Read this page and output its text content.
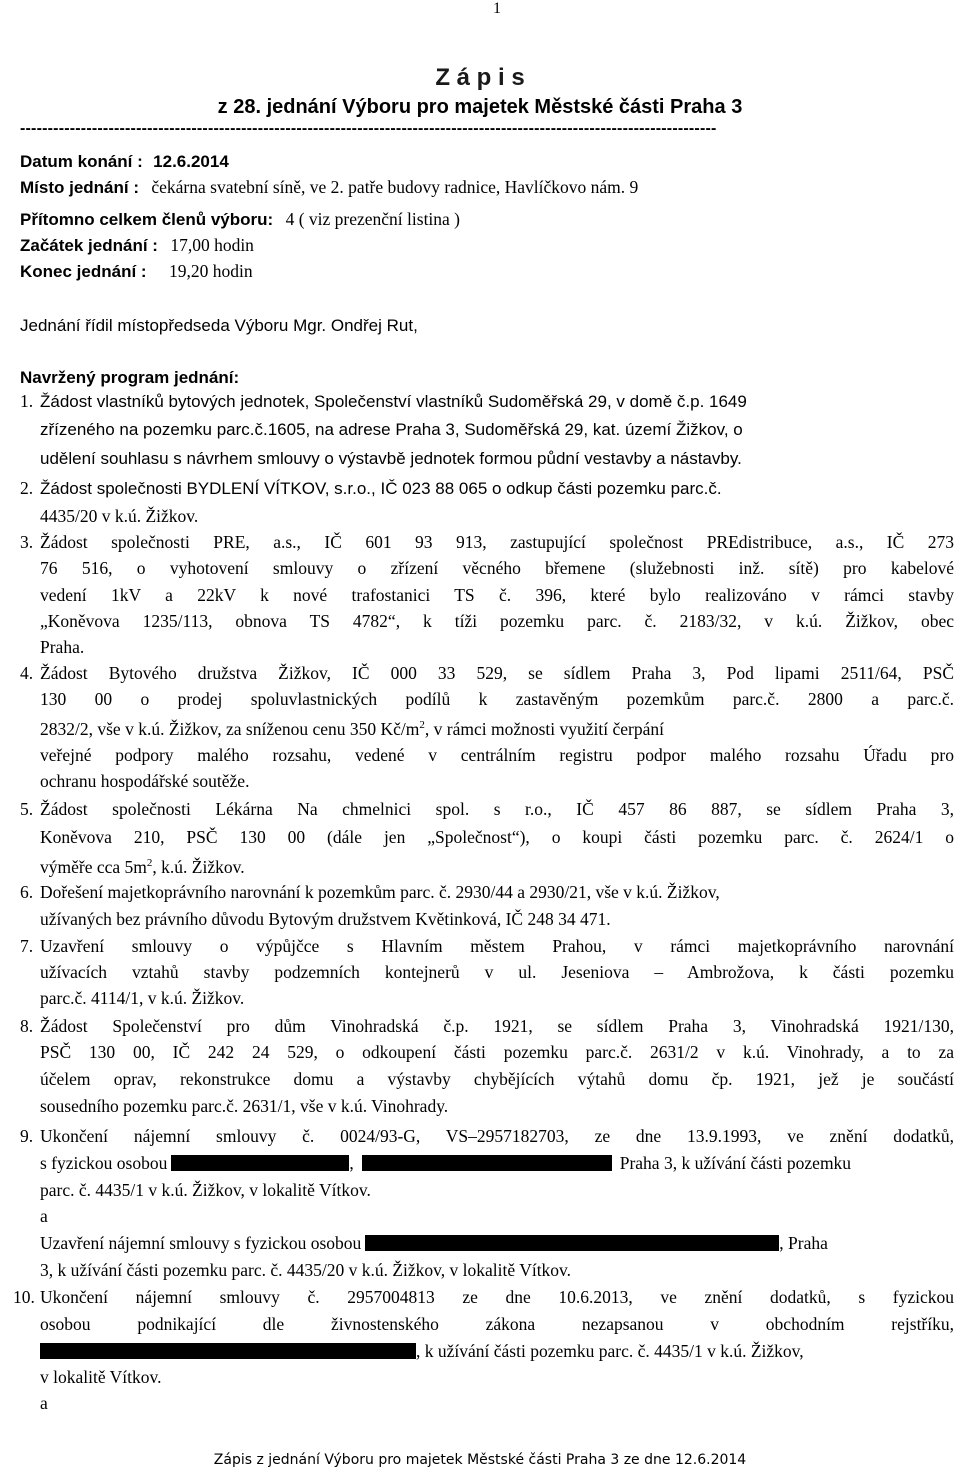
1
Z á p i s
z 28. jednání Výboru pro majetek Městské části Praha 3
------------------------------------------------------------------------------------------------------------------------------
Datum konání : 12.6.2014
Místo jednání : čekárna svatební síně, ve 2. patře budovy radnice, Havlíčkovo nám. 9
Přítomno celkem členů výboru: 4 ( viz prezenční listina )
Začátek jednání : 17,00 hodin
Konec jednání : 19,20 hodin
Jednání řídil místopředseda Výboru Mgr. Ondřej Rut,
Navržený program jednání:
1. Žádost vlastníků bytových jednotek, Společenství vlastníků Sudoměřská 29, v domě č.p. 1649
zřízeného na pozemku parc.č.1605, na adrese Praha 3, Sudoměřská 29, kat. území Žižkov, o
udělení souhlasu s návrhem smlouvy o výstavbě jednotek formou půdní vestavby a nástavby.
2. Žádost společnosti BYDLENÍ VÍTKOV, s.r.o., IČ 023 88 065 o odkup části pozemku parc.č.
4435/20 v k.ú. Žižkov.
3. Žádost společnosti PRE, a.s., IČ 601 93 913, zastupující společnost PREdistribuce, a.s., IČ 273
76 516, o vyhotovení smlouvy o zřízení věcného břemene (služebnosti inž. sítě) pro kabelové
vedení 1kV a 22kV k nové trafostanici TS č. 396, které bylo realizováno v rámci stavby
„Koněvova 1235/113, obnova TS 4782“, k tíži pozemku parc. č. 2183/32, v k.ú. Žižkov, obec
Praha.
4. Žádost Bytového družstva Žižkov, IČ 000 33 529, se sídlem Praha 3, Pod lipami 2511/64, PSČ
130 00 o prodej spoluvlastnických podílů k zastavěným pozemkům parc.č. 2800 a parc.č.
2832/2, vše v k.ú. Žižkov, za sníženou cenu 350 $Kč/m^2$, v rámci možnosti využití čerpání
veřejné podpory malého rozsahu, vedené v centrálním registru podpor malého rozsahu Úřadu pro
ochranu hospodářské soutěže.
5. Žádost společnosti Lékárna Na chmelnici spol. s r.o., IČ 457 86 887, se sídlem Praha 3,
Koněvova 210, PSČ 130 00 (dále jen „Společnost“), o koupi části pozemku parc. č. 2624/1 o
výměře cca $5m^2$, k.ú. Žižkov.
6. Dořešení majetkoprávního narovnání k pozemkům parc. č. 2930/44 a 2930/21, vše v k.ú. Žižkov,
užívaných bez právního důvodu Bytovým družstvem Květinková, IČ 248 34 471.
7. Uzavření smlouvy o výpůjčce s Hlavním městem Prahou, v rámci majetkoprávního narovnání
užívacích vztahů stavby podzemních kontejnerů v ul. Jeseniova – Ambrožova, k části pozemku
parc.č. 4114/1, v k.ú. Žižkov.
8. Žádost Společenství pro dům Vinohradská č.p. 1921, se sídlem Praha 3, Vinohradská 1921/130,
PSČ 130 00, IČ 242 24 529, o odkoupení části pozemku parc.č. 2631/2 v k.ú. Vinohrady, a to za
účelem oprav, rekonstrukce domu a výstavby chybějících výtahů domu čp. 1921, jež je součástí
sousedního pozemku parc.č. 2631/1, vše v k.ú. Vinohrady.
9. Ukončení nájemní smlouvy č. 0024/93-G, VS–2957182703, ze dne 13.9.1993, ve znění dodatků,
s fyzickou osobou	,	Praha 3, k užívání části pozemku
parc. č. 4435/1 v k.ú. Žižkov, v lokalitě Vítkov.
a
Uzavření nájemní smlouvy s fyzickou osobou	, Praha
3, k užívání části pozemku parc. č. 4435/20 v k.ú. Žižkov, v lokalitě Vítkov.
10. Ukončení nájemní smlouvy č. 2957004813 ze dne 10.6.2013, ve znění dodatků, s fyzickou
osobou podnikající dle živnostenského zákona nezapsanou v obchodním rejstříku,
, k užívání části pozemku parc. č. 4435/1 v k.ú. Žižkov,
v lokalitě Vítkov.
a
Zápis z jednání Výboru pro majetek Městské části Praha 3 ze dne 12.6.2014
